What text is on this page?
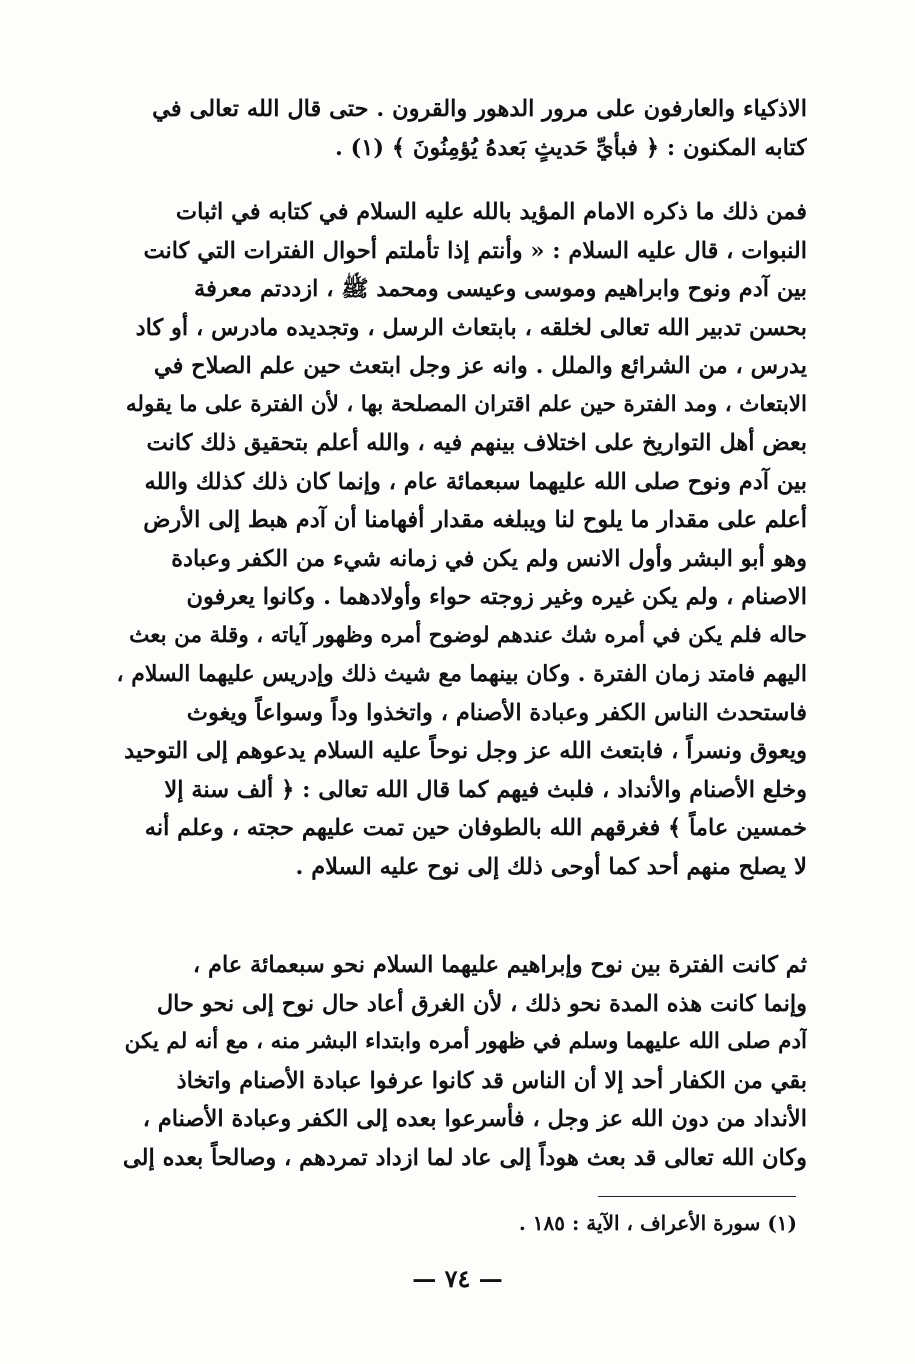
الاذكياء والعارفون على مرور الدهور والقرون . حتى قال الله تعالى في
كتابه المكنون : ﴿ فبأيِّ حَديثٍ بَعدهُ يُؤمِنُونَ ﴾ (١) .
فمن ذلك ما ذكره الامام المؤيد بالله عليه السلام في كتابه في اثبات
النبوات ، قال عليه السلام : « وأنتم إذا تأملتم أحوال الفترات التي كانت
بين آدم ونوح وابراهيم وموسى وعيسى ومحمد ﷺ ، ازددتم معرفة
بحسن تدبير الله تعالى لخلقه ، بابتعاث الرسل ، وتجديده مادرس ، أو كاد
يدرس ، من الشرائع والملل . وانه عز وجل ابتعث حين علم الصلاح في
الابتعاث ، ومد الفترة حين علم اقتران المصلحة بها ، لأن الفترة على ما يقوله
بعض أهل التواريخ على اختلاف بينهم فيه ، والله أعلم بتحقيق ذلك كانت
بين آدم ونوح صلى الله عليهما سبعمائة عام ، وإنما كان ذلك كذلك والله
أعلم على مقدار ما يلوح لنا ويبلغه مقدار أفهامنا أن آدم هبط إلى الأرض
وهو أبو البشر وأول الانس ولم يكن في زمانه شيء من الكفر وعبادة
الاصنام ، ولم يكن غيره وغير زوجته حواء وأولادهما . وكانوا يعرفون
حاله فلم يكن في أمره شك عندهم لوضوح أمره وظهور آياته ، وقلة من بعث
اليهم فامتد زمان الفترة . وكان بينهما مع شيث ذلك وإدريس عليهما السلام ،
فاستحدث الناس الكفر وعبادة الأصنام ، واتخذوا وداً وسواعاً ويغوث
ويعوق ونسراً ، فابتعث الله عز وجل نوحاً عليه السلام يدعوهم إلى التوحيد
وخلع الأصنام والأنداد ، فلبث فيهم كما قال الله تعالى : ﴿ ألف سنة إلا
خمسين عاماً ﴾ فغرقهم الله بالطوفان حين تمت عليهم حجته ، وعلم أنه
لا يصلح منهم أحد كما أوحى ذلك إلى نوح عليه السلام .
ثم كانت الفترة بين نوح وإبراهيم عليهما السلام نحو سبعمائة عام ،
وإنما كانت هذه المدة نحو ذلك ، لأن الغرق أعاد حال نوح إلى نحو حال
آدم صلى الله عليهما وسلم في ظهور أمره وابتداء البشر منه ، مع أنه لم يكن
بقي من الكفار أحد إلا أن الناس قد كانوا عرفوا عبادة الأصنام واتخاذ
الأنداد من دون الله عز وجل ، فأسرعوا بعده إلى الكفر وعبادة الأصنام ،
وكان الله تعالى قد بعث هوداً إلى عاد لما ازداد تمردهم ، وصالحاً بعده إلى
(١) سورة الأعراف ، الآية : ١٨٥ .
— ٧٤ —
